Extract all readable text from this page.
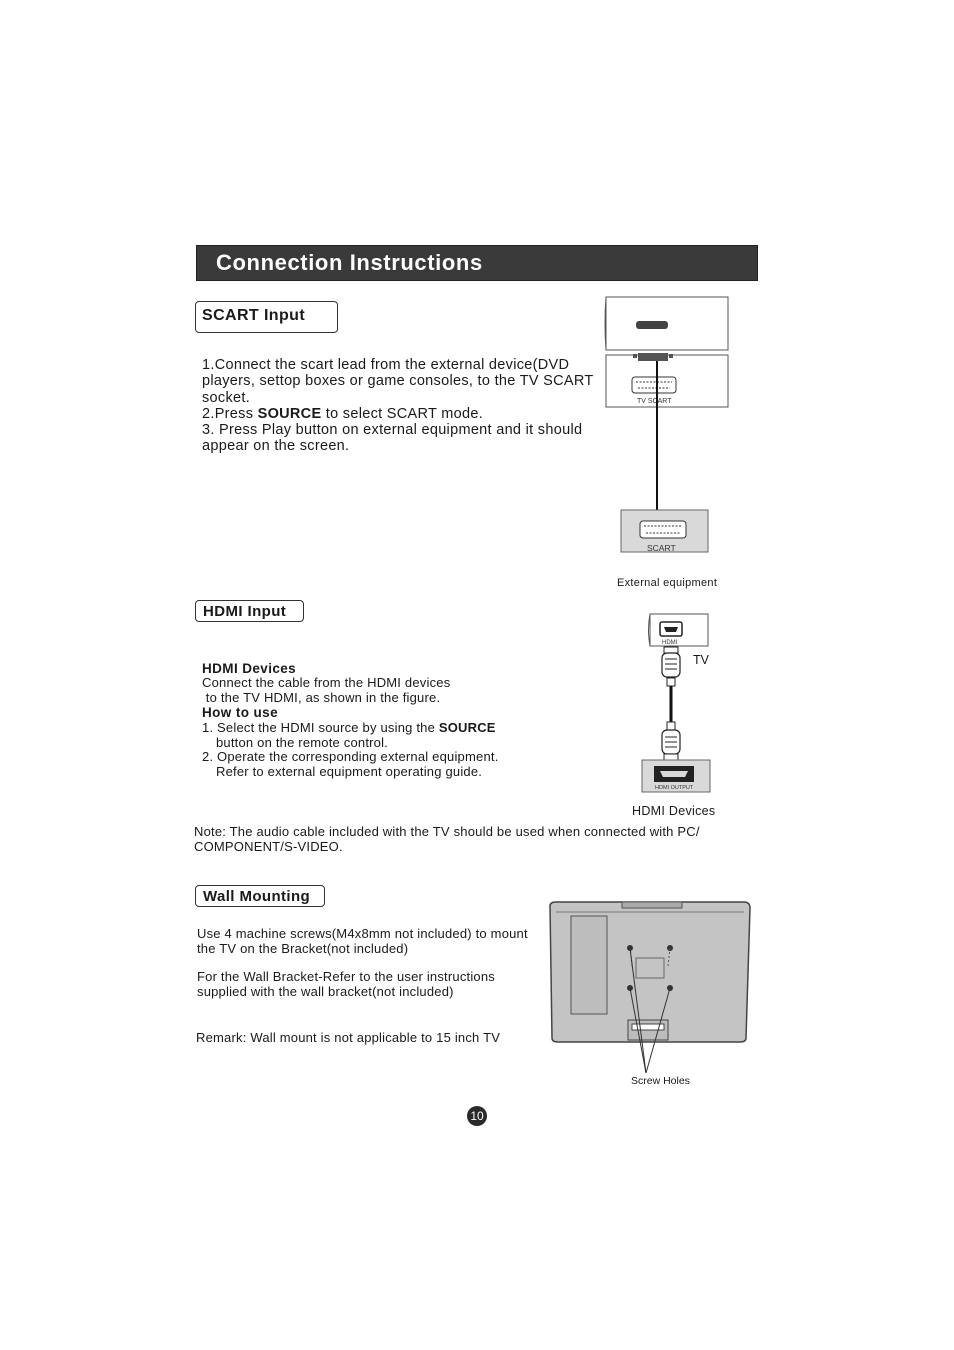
Connection Instructions
SCART Input

1.Connect the scart lead from the external device(DVD

players, settop boxes or game consoles, to the TV SCART

socket.

2.Press SOURCE to select SCART mode.

3. Press Play button on external equipment and it should

appear on the screen.

TV SCART
SCART
External equipment
HDMI Input
HDMI Devices

Connect the cable from the HDMI devices

to the TV HDMI, as shown in the figure.

How to use

1. Select the HDMI source by using the SOURCE

button on the remote control.

2. Operate the corresponding external equipment.

Refer to external equipment operating guide.

HDMI
HDMI OUTPUT
TV
HDMI Devices

Note: The audio cable included with the TV should be used when connected with PC/

COMPONENT/S-VIDEO.

Wall Mounting

Use 4 machine screws(M4x8mm not included) to mount

the TV on the Bracket(not included)

For the Wall Bracket-Refer to the user instructions

supplied with the wall bracket(not included)

Remark: Wall mount is not applicable to 15 inch TV
Screw Holes
10
